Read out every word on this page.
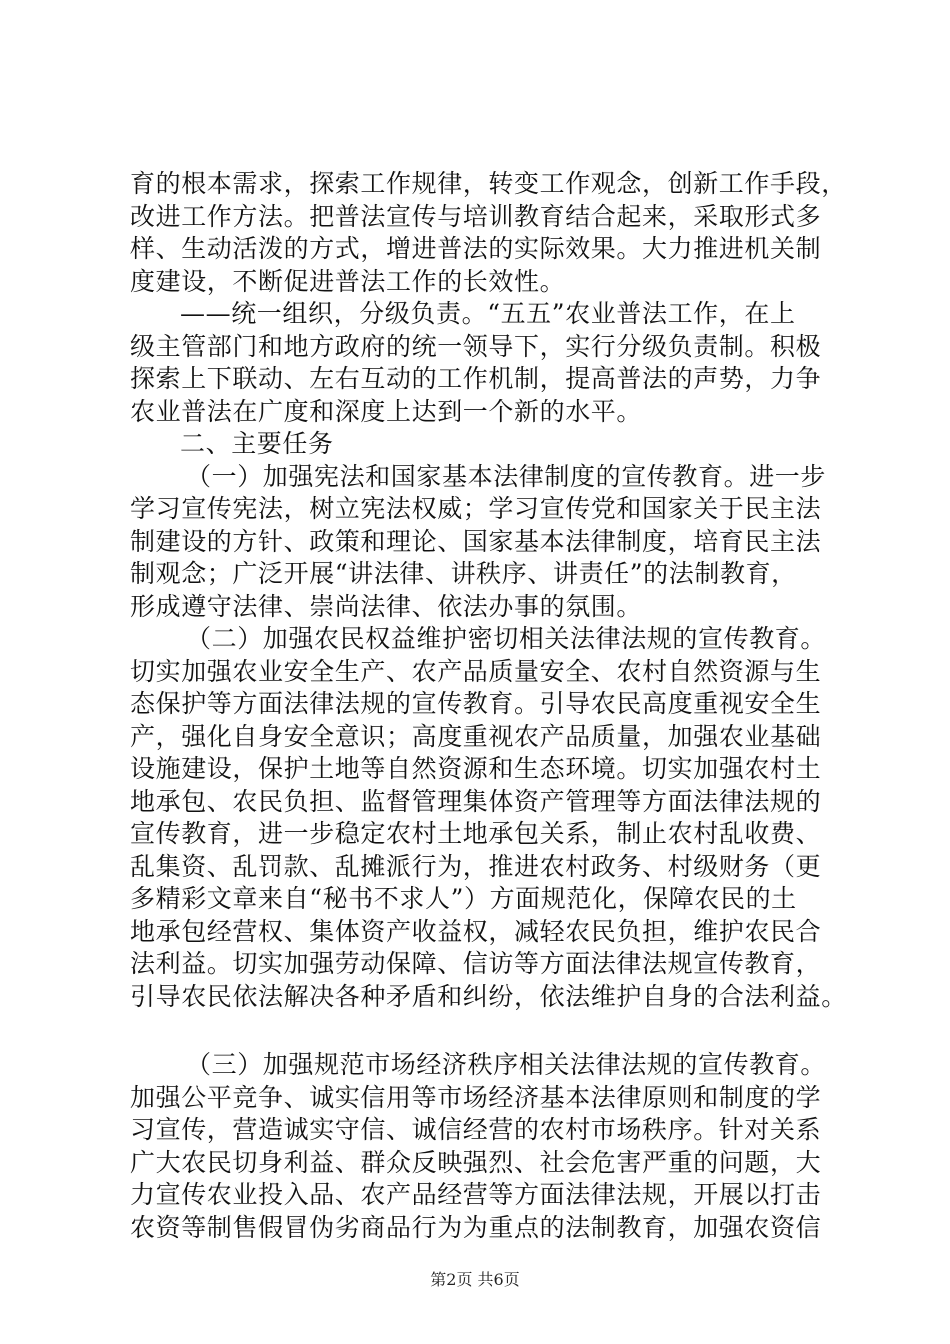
育的根本需求，探索工作规律，转变工作观念，创新工作手段，
改进工作方法。把普法宣传与培训教育结合起来，采取形式多
样、生动活泼的方式，增进普法的实际效果。大力推进机关制
度建设，不断促进普法工作的长效性。
——统一组织，分级负责。“五五”农业普法工作，在上
级主管部门和地方政府的统一领导下，实行分级负责制。积极
探索上下联动、左右互动的工作机制，提高普法的声势，力争
农业普法在广度和深度上达到一个新的水平。
二、主要任务
（一）加强宪法和国家基本法律制度的宣传教育。进一步
学习宣传宪法，树立宪法权威；学习宣传党和国家关于民主法
制建设的方针、政策和理论、国家基本法律制度，培育民主法
制观念；广泛开展“讲法律、讲秩序、讲责任”的法制教育，
形成遵守法律、崇尚法律、依法办事的氛围。
（二）加强农民权益维护密切相关法律法规的宣传教育。
切实加强农业安全生产、农产品质量安全、农村自然资源与生
态保护等方面法律法规的宣传教育。引导农民高度重视安全生
产，强化自身安全意识；高度重视农产品质量，加强农业基础
设施建设，保护土地等自然资源和生态环境。切实加强农村土
地承包、农民负担、监督管理集体资产管理等方面法律法规的
宣传教育，进一步稳定农村土地承包关系，制止农村乱收费、
乱集资、乱罚款、乱摊派行为，推进农村政务、村级财务（更
多精彩文章来自“秘书不求人”）方面规范化，保障农民的土
地承包经营权、集体资产收益权，减轻农民负担，维护农民合
法利益。切实加强劳动保障、信访等方面法律法规宣传教育，
引导农民依法解决各种矛盾和纠纷，依法维护自身的合法利益。
（三）加强规范市场经济秩序相关法律法规的宣传教育。
加强公平竞争、诚实信用等市场经济基本法律原则和制度的学
习宣传，营造诚实守信、诚信经营的农村市场秩序。针对关系
广大农民切身利益、群众反映强烈、社会危害严重的问题，大
力宣传农业投入品、农产品经营等方面法律法规，开展以打击
农资等制售假冒伪劣商品行为为重点的法制教育，加强农资信
第2页 共6页
